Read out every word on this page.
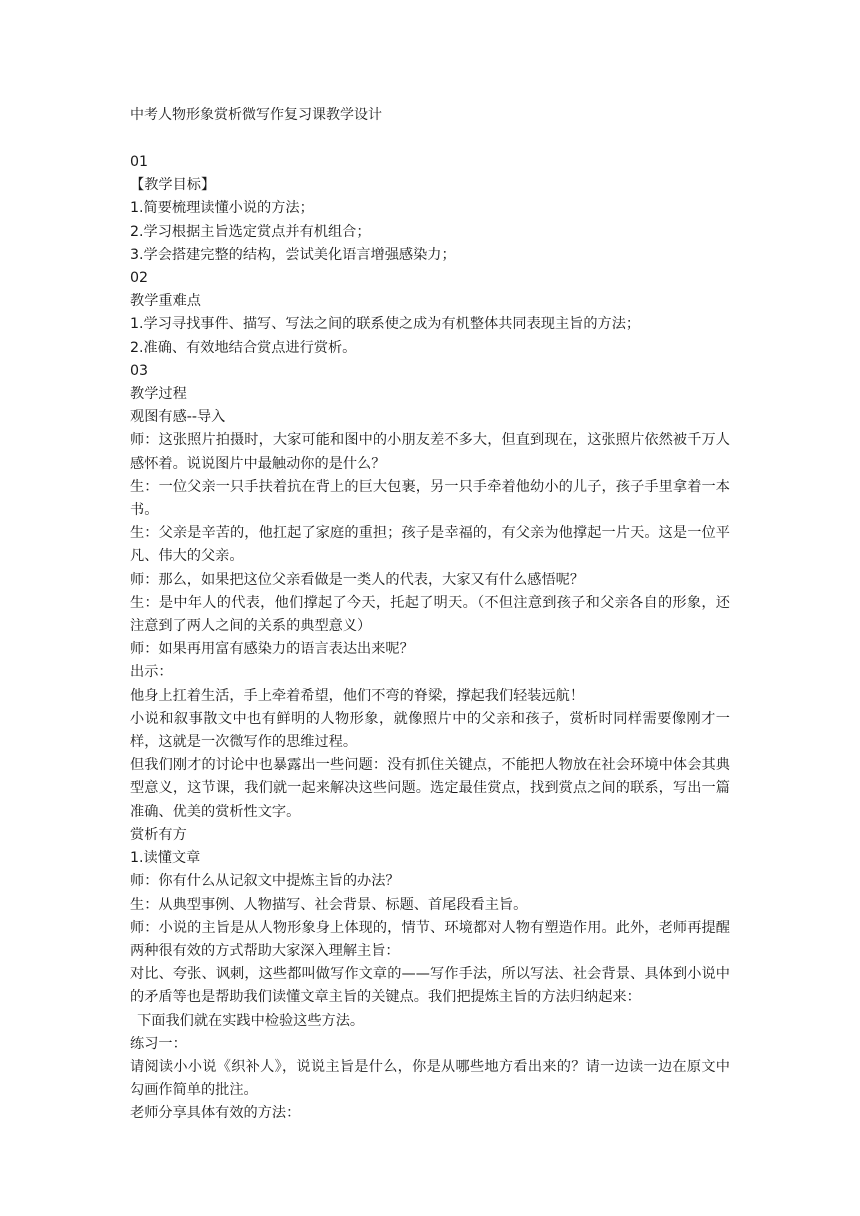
中考人物形象赏析微写作复习课教学设计

01

【教学目标】

1.简要梳理读懂小说的方法；

2.学习根据主旨选定赏点并有机组合；

3.学会搭建完整的结构，尝试美化语言增强感染力；

02

教学重难点

1.学习寻找事件、描写、写法之间的联系使之成为有机整体共同表现主旨的方法；

2.准确、有效地结合赏点进行赏析。

03

教学过程

观图有感--导入

师：这张照片拍摄时，大家可能和图中的小朋友差不多大，但直到现在，这张照片依然被千万人感怀着。说说图片中最触动你的是什么？

生：一位父亲一只手扶着抗在背上的巨大包裹，另一只手牵着他幼小的儿子，孩子手里拿着一本书。

生：父亲是辛苦的，他扛起了家庭的重担；孩子是幸福的，有父亲为他撑起一片天。这是一位平凡、伟大的父亲。

师：那么，如果把这位父亲看做是一类人的代表，大家又有什么感悟呢？

生：是中年人的代表，他们撑起了今天，托起了明天。（不但注意到孩子和父亲各自的形象，还注意到了两人之间的关系的典型意义）

师：如果再用富有感染力的语言表达出来呢？

出示：

他身上扛着生活，手上牵着希望，他们不弯的脊梁，撑起我们轻装远航！

小说和叙事散文中也有鲜明的人物形象，就像照片中的父亲和孩子，赏析时同样需要像刚才一样，这就是一次微写作的思维过程。

但我们刚才的讨论中也暴露出一些问题：没有抓住关键点，不能把人物放在社会环境中体会其典型意义，这节课，我们就一起来解决这些问题。选定最佳赏点，找到赏点之间的联系，写出一篇准确、优美的赏析性文字。

赏析有方

1.读懂文章

师：你有什么从记叙文中提炼主旨的办法？

生：从典型事例、人物描写、社会背景、标题、首尾段看主旨。

师：小说的主旨是从人物形象身上体现的，情节、环境都对人物有塑造作用。此外，老师再提醒两种很有效的方式帮助大家深入理解主旨：

对比、夸张、讽刺，这些都叫做写作文章的——写作手法，所以写法、社会背景、具体到小说中的矛盾等也是帮助我们读懂文章主旨的关键点。我们把提炼主旨的方法归纳起来：

下面我们就在实践中检验这些方法。

练习一：

请阅读小小说《织补人》，说说主旨是什么，你是从哪些地方看出来的？请一边读一边在原文中勾画作简单的批注。

老师分享具体有效的方法：
